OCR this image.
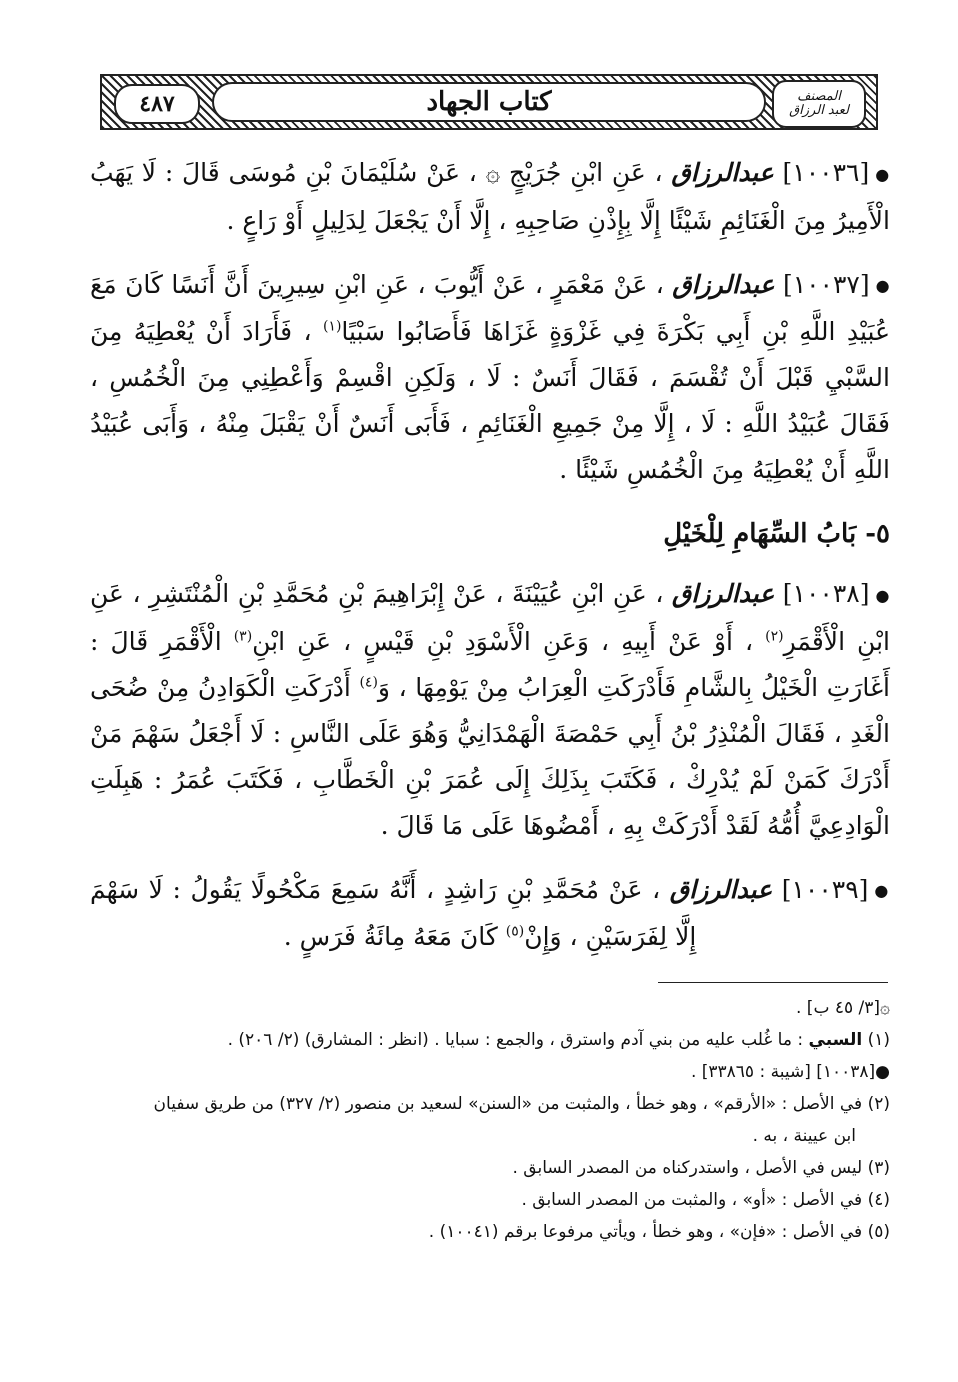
٤٨٧	كتاب الجهاد	المصنف
لعبد الرزاق

●[١٠٠٣٦] عبدالرزاق ، عَنِ ابْنِ جُرَيْجٍ ۞ ، عَنْ سُلَيْمَانَ بْنِ مُوسَى قَالَ : لَا يَهَبُ الْأَمِيرُ مِنَ الْغَنَائِمِ شَيْئًا إِلَّا بِإِذْنِ صَاحِبِهِ ، إِلَّا أَنْ يَجْعَلَ لِدَلِيلٍ أَوْ رَاعٍ .

●[١٠٠٣٧] عبدالرزاق ، عَنْ مَعْمَرٍ ، عَنْ أَيُّوبَ ، عَنِ ابْنِ سِيرِينَ أَنَّ أَنَسًا كَانَ مَعَ عُبَيْدِ اللَّهِ بْنِ أَبِي بَكْرَةَ فِي غَزْوَةٍ غَزَاهَا فَأَصَابُوا سَبْيًا$^{(١)}$ ، فَأَرَادَ أَنْ يُعْطِيَهُ مِنَ السَّبْيِ قَبْلَ أَنْ تُقْسَمَ ، فَقَالَ أَنَسٌ : لَا ، وَلَكِنِ اقْسِمْ وَأَعْطِنِي مِنَ الْخُمُسِ ، فَقَالَ عُبَيْدُ اللَّهِ : لَا ، إِلَّا مِنْ جَمِيعِ الْغَنَائِمِ ، فَأَبَى أَنَسٌ أَنْ يَقْبَلَ مِنْهُ ، وَأَبَى عُبَيْدُ اللَّهِ أَنْ يُعْطِيَهُ مِنَ الْخُمُسِ شَيْئًا .

٥- بَابُ السِّهَامِ لِلْخَيْلِ

●[١٠٠٣٨] عبدالرزاق ، عَنِ ابْنِ عُيَيْنَةَ ، عَنْ إِبْرَاهِيمَ بْنِ مُحَمَّدِ بْنِ الْمُنْتَشِرِ ، عَنِ ابْنِ الْأَقْمَرِ$^{(٢)}$ ، أَوْ عَنْ أَبِيهِ ، وَعَنِ الْأَسْوَدِ بْنِ قَيْسٍ ، عَنِ ابْنِ$^{(٣)}$ الْأَقْمَرِ قَالَ : أَغَارَتِ الْخَيْلُ بِالشَّامِ فَأَدْرَكَتِ الْعِرَابُ مِنْ يَوْمِهَا ، وَ$^{(٤)}$ أَدْرَكَتِ الْكَوَادِنُ مِنْ ضُحَى الْغَدِ ، فَقَالَ الْمُنْذِرُ بْنُ أَبِي حَمْصَةَ الْهَمْدَانِيُّ وَهُوَ عَلَى النَّاسِ : لَا أَجْعَلُ سَهْمَ مَنْ أَدْرَكَ كَمَنْ لَمْ يُدْرِكْ ، فَكَتَبَ بِذَلِكَ إِلَى عُمَرَ بْنِ الْخَطَّابِ ، فَكَتَبَ عُمَرُ : هَبِلَتِ الْوَادِعِيَّ أُمُّهُ لَقَدْ أَدْرَكَتْ بِهِ ، أَمْضُوهَا عَلَى مَا قَالَ .

●[١٠٠٣٩] عبدالرزاق ، عَنْ مُحَمَّدِ بْنِ رَاشِدٍ ، أَنَّهُ سَمِعَ مَكْحُولًا يَقُولُ : لَا سَهْمَ إِلَّا لِفَرَسَيْنِ ، وَإِنْ$^{(٥)}$ كَانَ مَعَهُ مِائَةُ فَرَسٍ .

۞[٣/ ٤٥ ب] .

(١) السبي : ما غُلب عليه من بني آدم واسترق ، والجمع : سبايا . (انظر : المشارق) (٢/ ٢٠٦) .

●[١٠٠٣٨] [شيبة : ٣٣٨٦٥] .

(٢) في الأصل : «الأرقم» ، وهو خطأ ، والمثبت من «السنن» لسعيد بن منصور (٢/ ٣٢٧) من طريق سفيان

ابن عيينة ، به .

(٣) ليس في الأصل ، واستدركناه من المصدر السابق .

(٤) في الأصل : «أو» ، والمثبت من المصدر السابق .

(٥) في الأصل : «فإن» ، وهو خطأ ، ويأتي مرفوعا برقم (١٠٠٤١) .
